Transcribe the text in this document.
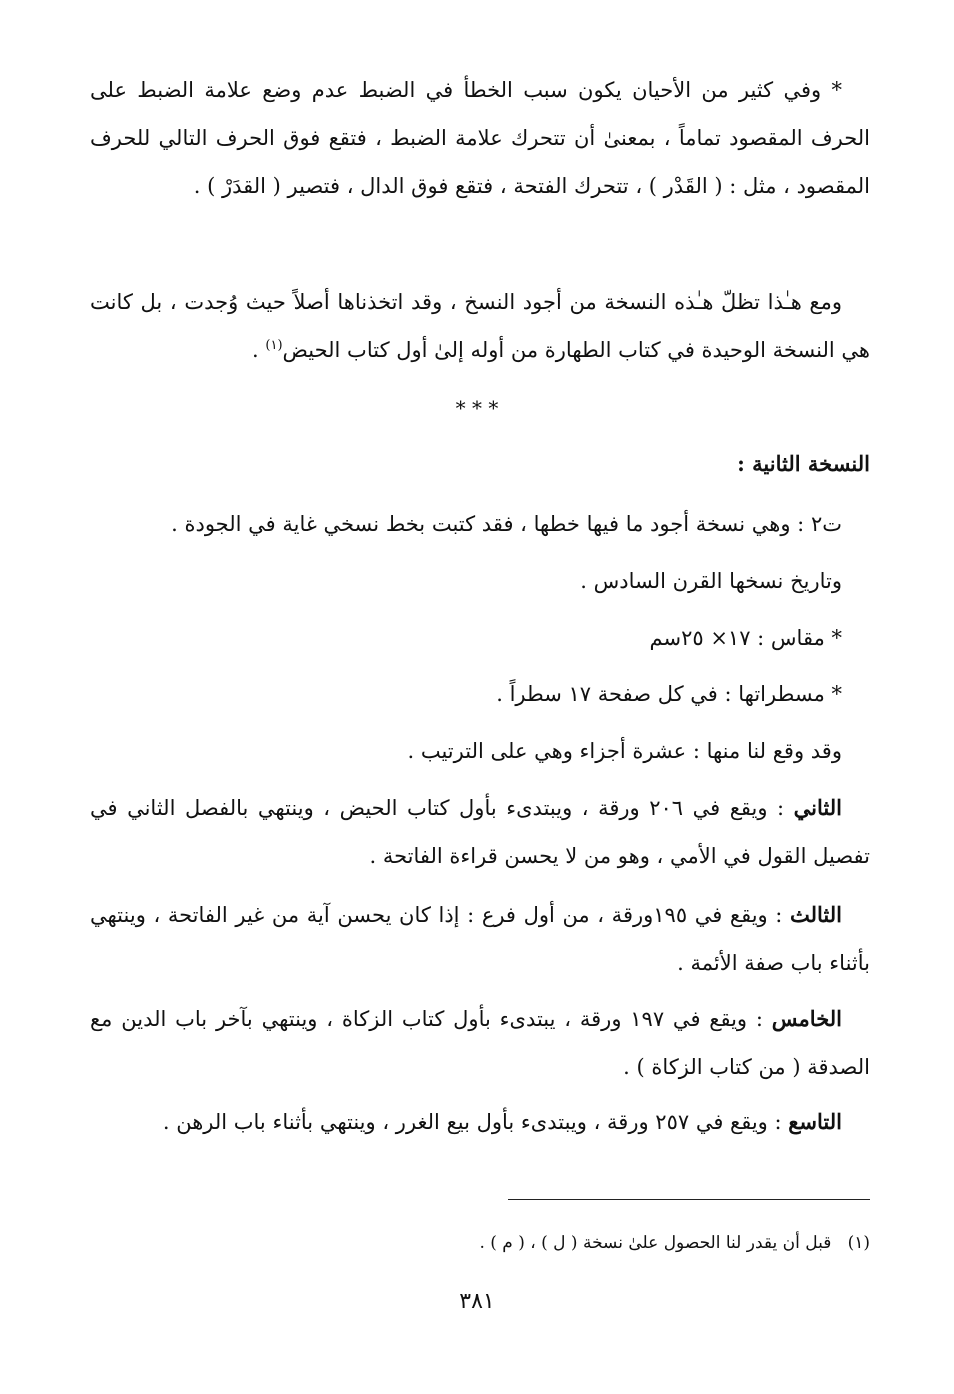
* وفي كثير من الأحيان يكون سبب الخطأ في الضبط عدم وضع علامة الضبط على الحرف المقصود تماماً ، بمعنىٰ أن تتحرك علامة الضبط ، فتقع فوق الحرف التالي للحرف المقصود ، مثل : ( القَدْر ) ، تتحرك الفتحة ، فتقع فوق الدال ، فتصير ( القدَرْ ) .

ومع هـٰذا تظلّ هـٰذه النسخة من أجود النسخ ، وقد اتخذناها أصلاً حيث وُجدت ، بل كانت هي النسخة الوحيدة في كتاب الطهارة من أوله إلىٰ أول كتاب الحيض$^{(١)}$ .

* * *
النسخة الثانية :
ت٢ : وهي نسخة أجود ما فيها خطها ، فقد كتبت بخط نسخي غاية في الجودة .
وتاريخ نسخها القرن السادس .
* مقاس : ١٧× ٢٥سم
* مسطراتها : في كل صفحة ١٧ سطراً .
وقد وقع لنا منها : عشرة أجزاء وهي على الترتيب .

الثاني : ويقع في ٢٠٦ ورقة ، ويبتدىء بأول كتاب الحيض ، وينتهي بالفصل الثاني في تفصيل القول في الأمي ، وهو من لا يحسن قراءة الفاتحة .

الثالث : ويقع في ١٩٥ورقة ، من أول فرع : إذا كان يحسن آية من غير الفاتحة ، وينتهي بأثناء باب صفة الأئمة .

الخامس : ويقع في ١٩٧ ورقة ، يبتدىء بأول كتاب الزكاة ، وينتهي بآخر باب الدين مع الصدقة ( من كتاب الزكاة ) .

التاسع : ويقع في ٢٥٧ ورقة ، ويبتدىء بأول بيع الغرر ، وينتهي بأثناء باب الرهن .

(١)   قبل أن يقدر لنا الحصول علىٰ نسخة ( ل ) ، ( م ) .
٣٨١
